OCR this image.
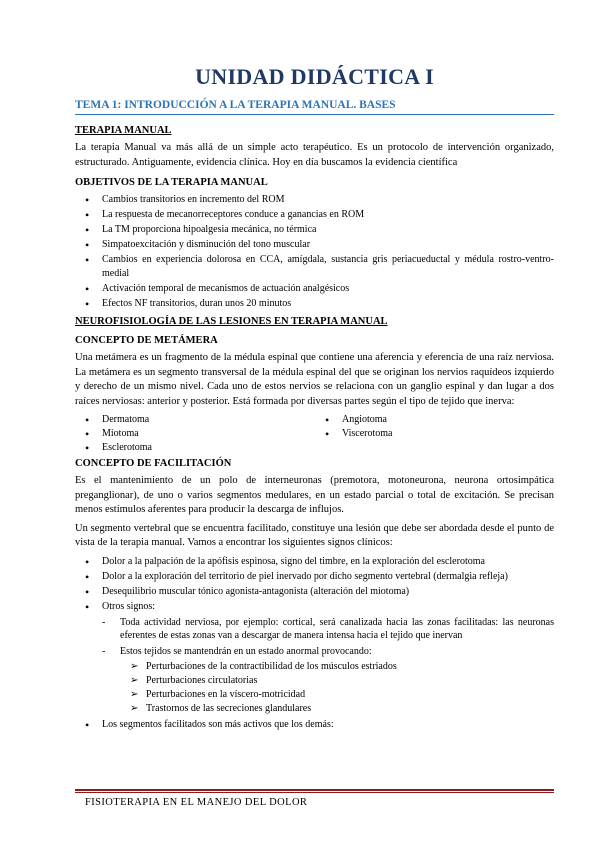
UNIDAD DIDÁCTICA I
TEMA 1: INTRODUCCIÓN A LA TERAPIA MANUAL. BASES
TERAPIA MANUAL

La terapia Manual va más allá de un simple acto terapéutico. Es un protocolo de intervención organizado, estructurado. Antiguamente, evidencia clínica. Hoy en día buscamos la evidencia científica

OBJETIVOS DE LA TERAPIA MANUAL
• Cambios transitorios en incremento del ROM
• La respuesta de mecanorreceptores conduce a ganancias en ROM
• La TM proporciona hipoalgesia mecánica, no térmica
• Simpatoexcitación y disminución del tono muscular
• Cambios en experiencia dolorosa en CCA, amígdala, sustancia gris periacueductal y médula rostro-ventro-medial
• Activación temporal de mecanismos de actuación analgésicos
• Efectos NF transitorios, duran unos 20 minutos
NEUROFISIOLOGÍA DE LAS LESIONES EN TERAPIA MANUAL
CONCEPTO DE METÁMERA

Una metámera es un fragmento de la médula espinal que contiene una aferencia y eferencia de una raíz nerviosa. La metámera es un segmento transversal de la médula espinal del que se originan los nervios raquídeos izquierdo y derecho de un mismo nivel. Cada uno de estos nervios se relaciona con un ganglio espinal y dan lugar a dos raíces nerviosas: anterior y posterior. Está formada por diversas partes según el tipo de tejido que inerva:

• Dermatoma
• Miotoma
• Esclerotoma
• Angiotoma
• Viscerotoma
CONCEPTO DE FACILITACIÓN

Es el mantenimiento de un polo de interneuronas (premotora, motoneurona, neurona ortosimpática preganglionar), de uno o varios segmentos medulares, en un estado parcial o total de excitación. Se precisan menos estímulos aferentes para producir la descarga de influjos.

Un segmento vertebral que se encuentra facilitado, constituye una lesión que debe ser abordada desde el punto de vista de la terapia manual. Vamos a encontrar los siguientes signos clínicos:

• Dolor a la palpación de la apófisis espinosa, signo del timbre, en la exploración del esclerotoma
• Dolor a la exploración del territorio de piel inervado por dicho segmento vertebral (dermalgia refleja)
• Desequilibrio muscular tónico agonista-antagonista (alteración del miotoma)
• Otros signos:
- Toda actividad nerviosa, por ejemplo: cortical, será canalizada hacia las zonas facilitadas: las neuronas eferentes de estas zonas van a descargar de manera intensa hacia el tejido que inervan
- Estos tejidos se mantendrán en un estado anormal provocando:
➢ Perturbaciones de la contractibilidad de los músculos estriados
➢ Perturbaciones circulatorias
➢ Perturbaciones en la víscero-motricidad
➢ Trastornos de las secreciones glandulares
• Los segmentos facilitados son más activos que los demás:
FISIOTERAPIA EN EL MANEJO DEL DOLOR
